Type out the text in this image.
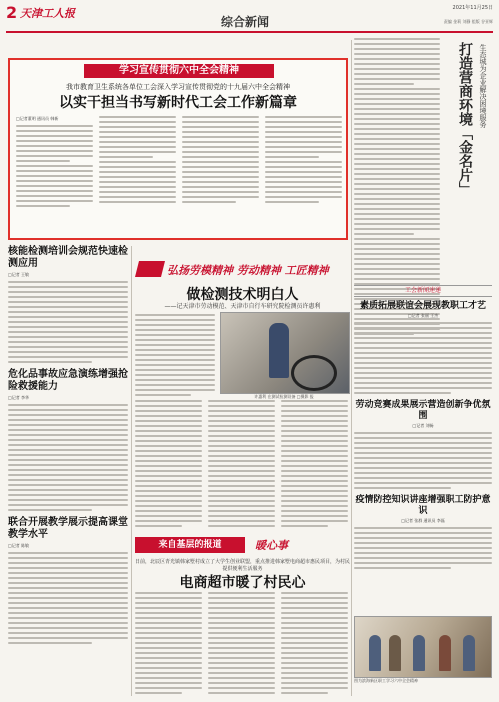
2 天津工人报
综合新闻
2021年11月25日
责编 金莉 刘静 组版 谷亚辉
学习宣传贯彻六中全会精神
我市教育卫生系统各单位工会深入学习宣传贯彻党的十九届六中全会精神
以实干担当书写新时代工会工作新篇章
□记者董明 通讯员 韩新	打造营商环境「金名片」 生态城为企业解决困境服务
核能检测培训会规范快速检测应用
□记者 王敏
危化品事故应急演练增强抢险救援能力
□记者 李华
联合开展教学展示提高课堂教学水平
□记者 陈敏
弘扬劳模精神 劳动精神 工匠精神
做检测技术明白人
——记天津市劳动模范、天津市自行车研究院检测员许惠利
许惠利 在测试检测设备 □摄影 报
来自基层的报道	暖心事
日前，北辰区青光镇韩家墅村成立了大学生创业联盟，重点推进韩家墅电商超市惠民项目，为村民提供便利生活服务
电商超市暖了村民心
工会新闻速递
素质拓展联谊会展现教职工才艺
□记者 张丽 王杰
劳动竞赛成果展示营造创新争优氛围
□记者 刘畅
疫情防控知识讲座增强职工防护意识
□记者 张群 通讯员 李磊
图为滨海新区职工学习六中全会精神
